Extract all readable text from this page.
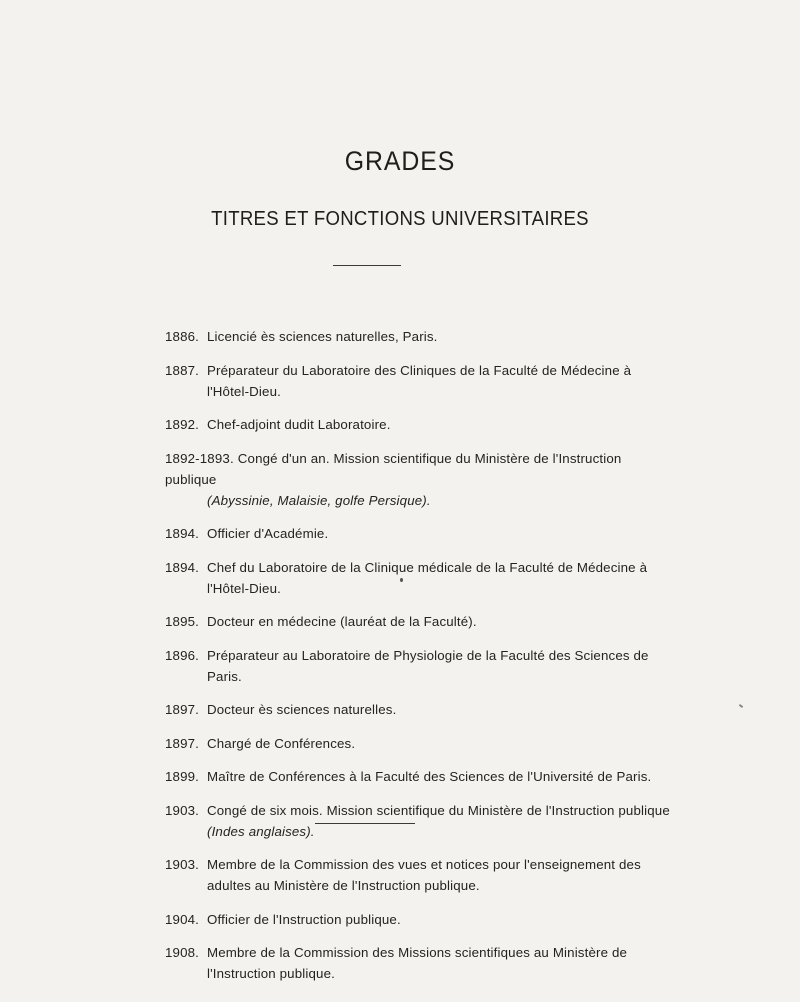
GRADES
TITRES ET FONCTIONS UNIVERSITAIRES
1886. Licencié ès sciences naturelles, Paris.
1887. Préparateur du Laboratoire des Cliniques de la Faculté de Médecine à l'Hôtel-Dieu.
1892. Chef-adjoint dudit Laboratoire.
1892-1893. Congé d'un an. Mission scientifique du Ministère de l'Instruction publique
(Abyssinie, Malaisie, golfe Persique).
1894. Officier d'Académie.
1894. Chef du Laboratoire de la Clinique médicale de la Faculté de Médecine à l'Hôtel-Dieu.
1895. Docteur en médecine (lauréat de la Faculté).
1896. Préparateur au Laboratoire de Physiologie de la Faculté des Sciences de Paris.
1897. Docteur ès sciences naturelles.
1897. Chargé de Conférences.
1899. Maître de Conférences à la Faculté des Sciences de l'Université de Paris.
1903. Congé de six mois. Mission scientifique du Ministère de l'Instruction publique
(Indes anglaises).
1903. Membre de la Commission des vues et notices pour l'enseignement des adultes au Ministère de l'Instruction publique.
1904. Officier de l'Instruction publique.
1908. Membre de la Commission des Missions scientifiques au Ministère de l'Instruction publique.
